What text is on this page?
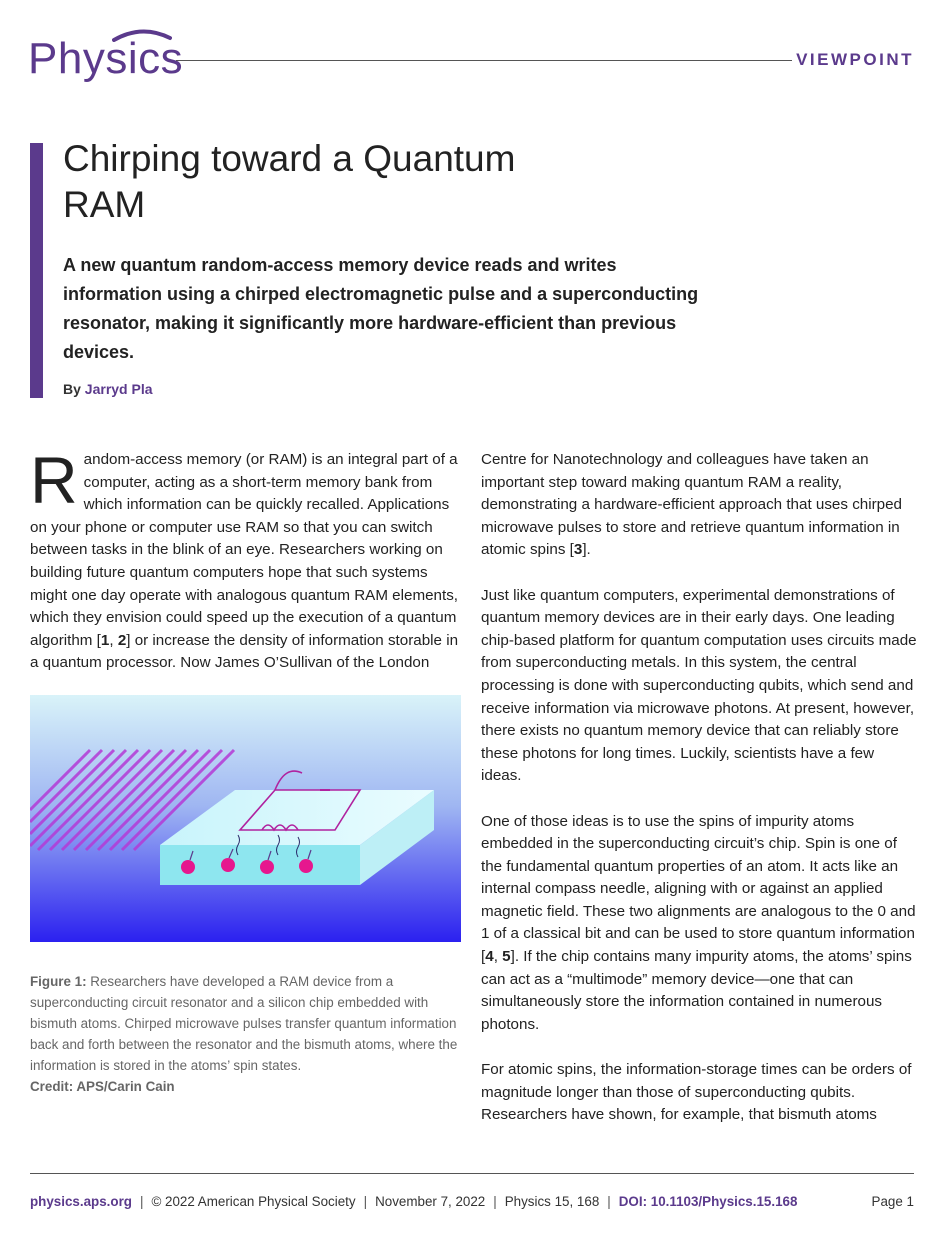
Physics	VIEWPOINT
Chirping toward a Quantum
RAM

A new quantum random-access memory device reads and writes information using a chirped electromagnetic pulse and a superconducting resonator, making it significantly more hardware-efficient than previous devices.

By Jarryd Pla

Random-access memory (or RAM) is an integral part of a computer, acting as a short-term memory bank from which information can be quickly recalled. Applications on your phone or computer use RAM so that you can switch between tasks in the blink of an eye. Researchers working on building future quantum computers hope that such systems might one day operate with analogous quantum RAM elements, which they envision could speed up the execution of a quantum algorithm [1, 2] or increase the density of information storable in a quantum processor. Now James O’Sullivan of the London

Figure 1: Researchers have developed a RAM device from a superconducting circuit resonator and a silicon chip embedded with bismuth atoms. Chirped microwave pulses transfer quantum information back and forth between the resonator and the bismuth atoms, where the information is stored in the atoms’ spin states.
Credit: APS/Carin Cain

Centre for Nanotechnology and colleagues have taken an important step toward making quantum RAM a reality, demonstrating a hardware-efficient approach that uses chirped microwave pulses to store and retrieve quantum information in atomic spins [3].

Just like quantum computers, experimental demonstrations of quantum memory devices are in their early days. One leading chip-based platform for quantum computation uses circuits made from superconducting metals. In this system, the central processing is done with superconducting qubits, which send and receive information via microwave photons. At present, however, there exists no quantum memory device that can reliably store these photons for long times. Luckily, scientists have a few ideas.

One of those ideas is to use the spins of impurity atoms embedded in the superconducting circuit’s chip. Spin is one of the fundamental quantum properties of an atom. It acts like an internal compass needle, aligning with or against an applied magnetic field. These two alignments are analogous to the 0 and 1 of a classical bit and can be used to store quantum information [4, 5]. If the chip contains many impurity atoms, the atoms’ spins can act as a “multimode” memory device—one that can simultaneously store the information contained in numerous photons.

For atomic spins, the information-storage times can be orders of magnitude longer than those of superconducting qubits. Researchers have shown, for example, that bismuth atoms

physics.aps.org | © 2022 American Physical Society | November 7, 2022 | Physics 15, 168 | DOI: 10.1103/Physics.15.168	Page 1
